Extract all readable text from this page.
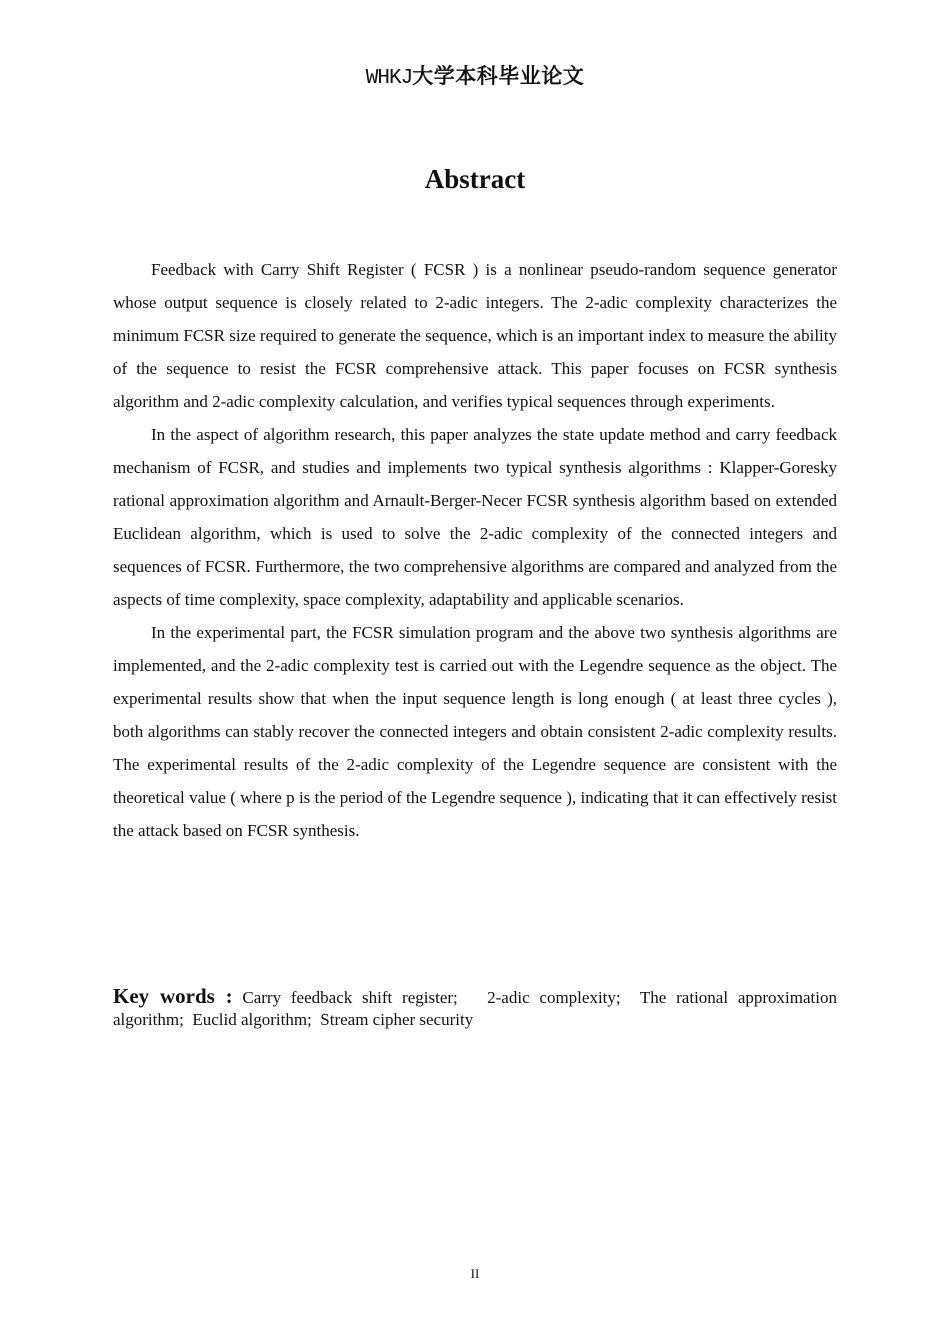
WHKJ大学本科毕业论文
Abstract

Feedback with Carry Shift Register ( FCSR ) is a nonlinear pseudo-random sequence generator whose output sequence is closely related to 2-adic integers. The 2-adic complexity characterizes the minimum FCSR size required to generate the sequence, which is an important index to measure the ability of the sequence to resist the FCSR comprehensive attack. This paper focuses on FCSR synthesis algorithm and 2-adic complexity calculation, and verifies typical sequences through experiments.

In the aspect of algorithm research, this paper analyzes the state update method and carry feedback mechanism of FCSR, and studies and implements two typical synthesis algorithms : Klapper-Goresky rational approximation algorithm and Arnault-Berger-Necer FCSR synthesis algorithm based on extended Euclidean algorithm, which is used to solve the 2-adic complexity of the connected integers and sequences of FCSR. Furthermore, the two comprehensive algorithms are compared and analyzed from the aspects of time complexity, space complexity, adaptability and applicable scenarios.

In the experimental part, the FCSR simulation program and the above two synthesis algorithms are implemented, and the 2-adic complexity test is carried out with the Legendre sequence as the object. The experimental results show that when the input sequence length is long enough ( at least three cycles ), both algorithms can stably recover the connected integers and obtain consistent 2-adic complexity results. The experimental results of the 2-adic complexity of the Legendre sequence are consistent with the theoretical value ( where p is the period of the Legendre sequence ), indicating that it can effectively resist the attack based on FCSR synthesis.

Key words : Carry feedback shift register;   2-adic complexity;  The rational approximation algorithm;  Euclid algorithm;  Stream cipher security
II
